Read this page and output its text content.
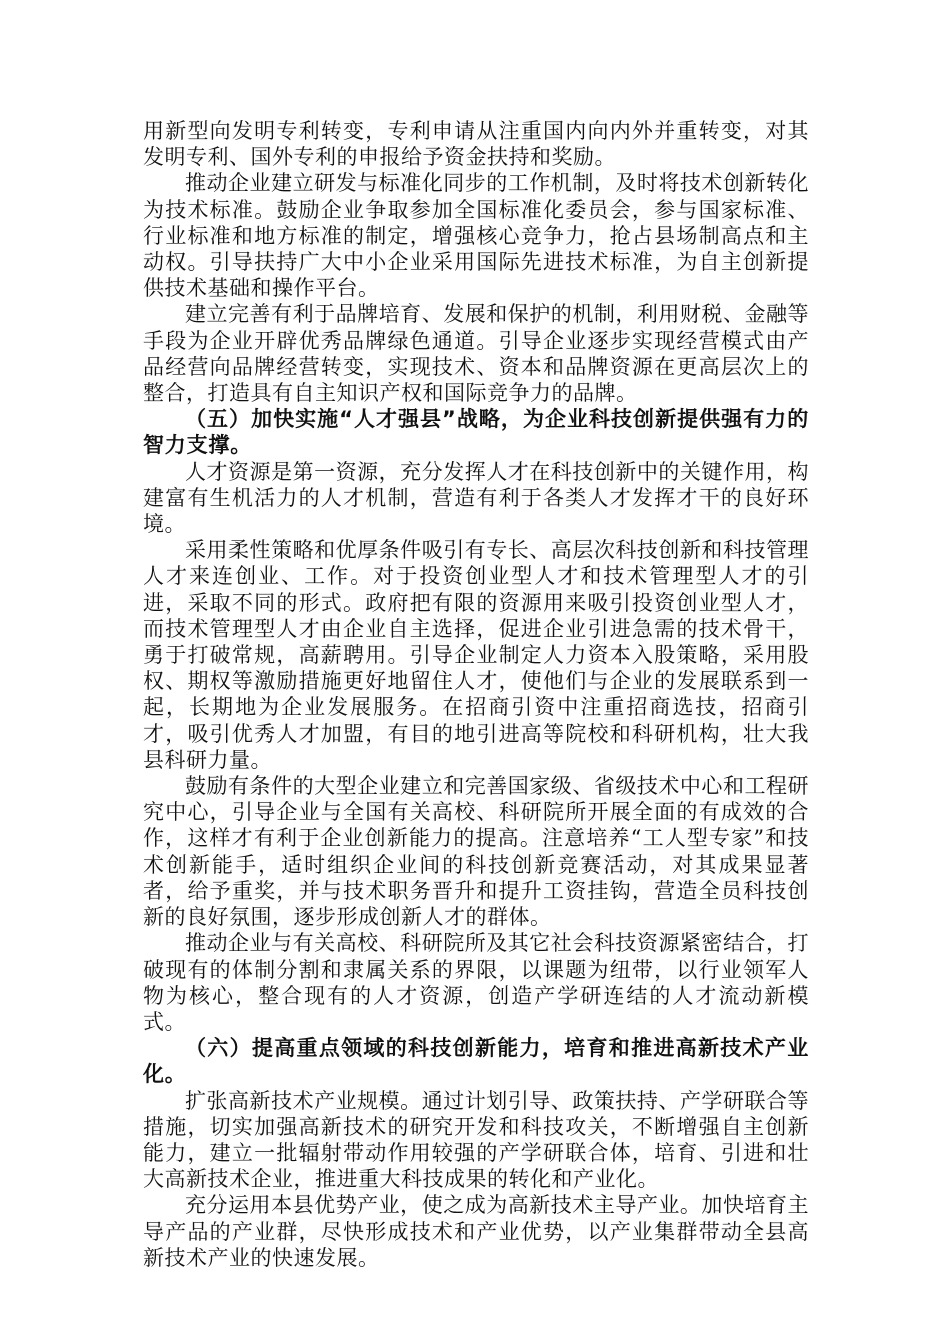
用新型向发明专利转变，专利申请从注重国内向内外并重转变，对其发明专利、国外专利的申报给予资金扶持和奖励。

推动企业建立研发与标准化同步的工作机制，及时将技术创新转化为技术标准。鼓励企业争取参加全国标准化委员会，参与国家标准、行业标准和地方标准的制定，增强核心竞争力，抢占县场制高点和主动权。引导扶持广大中小企业采用国际先进技术标准，为自主创新提供技术基础和操作平台。

建立完善有利于品牌培育、发展和保护的机制，利用财税、金融等手段为企业开辟优秀品牌绿色通道。引导企业逐步实现经营模式由产品经营向品牌经营转变，实现技术、资本和品牌资源在更高层次上的整合，打造具有自主知识产权和国际竞争力的品牌。

（五）加快实施“人才强县”战略，为企业科技创新提供强有力的智力支撑。

人才资源是第一资源，充分发挥人才在科技创新中的关键作用，构建富有生机活力的人才机制，营造有利于各类人才发挥才干的良好环境。

采用柔性策略和优厚条件吸引有专长、高层次科技创新和科技管理人才来连创业、工作。对于投资创业型人才和技术管理型人才的引进，采取不同的形式。政府把有限的资源用来吸引投资创业型人才，而技术管理型人才由企业自主选择，促进企业引进急需的技术骨干，勇于打破常规，高薪聘用。引导企业制定人力资本入股策略，采用股权、期权等激励措施更好地留住人才，使他们与企业的发展联系到一起，长期地为企业发展服务。在招商引资中注重招商选技，招商引才，吸引优秀人才加盟，有目的地引进高等院校和科研机构，壮大我县科研力量。

鼓励有条件的大型企业建立和完善国家级、省级技术中心和工程研究中心，引导企业与全国有关高校、科研院所开展全面的有成效的合作，这样才有利于企业创新能力的提高。注意培养“工人型专家”和技术创新能手，适时组织企业间的科技创新竞赛活动，对其成果显著者，给予重奖，并与技术职务晋升和提升工资挂钩，营造全员科技创新的良好氛围，逐步形成创新人才的群体。

推动企业与有关高校、科研院所及其它社会科技资源紧密结合，打破现有的体制分割和隶属关系的界限，以课题为纽带，以行业领军人物为核心，整合现有的人才资源，创造产学研连结的人才流动新模式。

（六）提高重点领域的科技创新能力，培育和推进高新技术产业化。

扩张高新技术产业规模。通过计划引导、政策扶持、产学研联合等措施，切实加强高新技术的研究开发和科技攻关，不断增强自主创新能力，建立一批辐射带动作用较强的产学研联合体，培育、引进和壮大高新技术企业，推进重大科技成果的转化和产业化。

充分运用本县优势产业，使之成为高新技术主导产业。加快培育主导产品的产业群，尽快形成技术和产业优势，以产业集群带动全县高新技术产业的快速发展。
